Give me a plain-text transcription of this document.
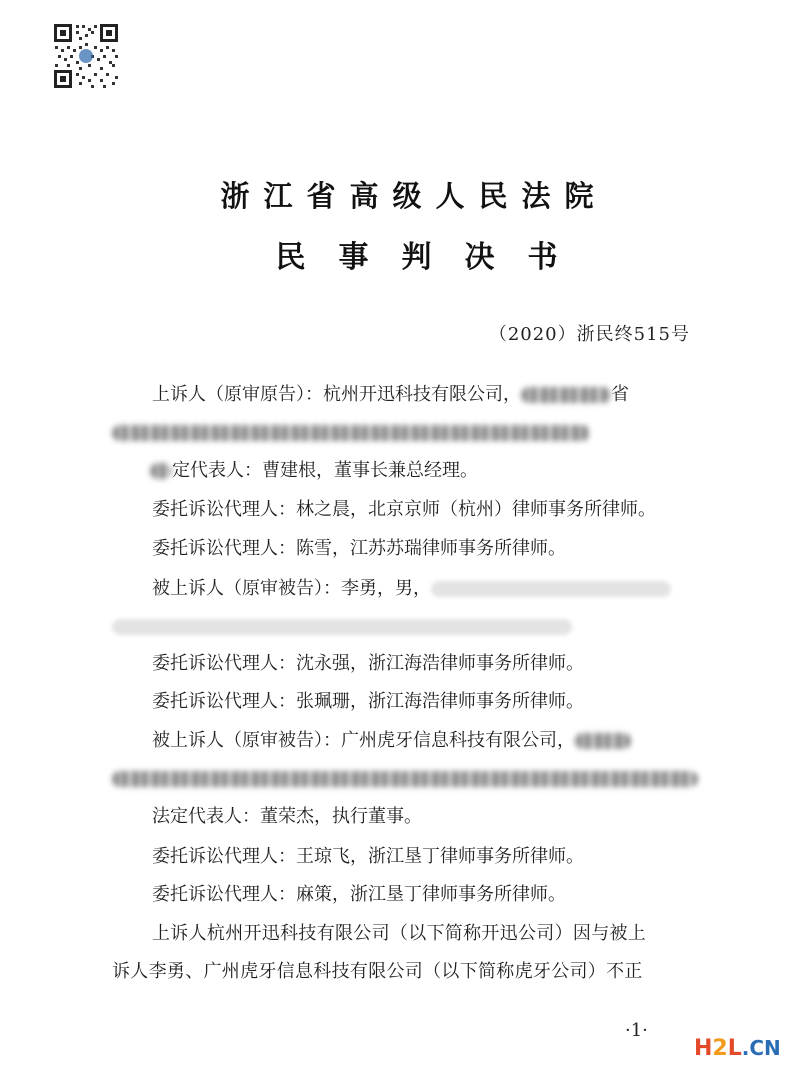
浙江省高级人民法院
民事判决书
（2020）浙民终515号
上诉人（原审原告）：杭州开迅科技有限公司，	省
定代表人：曹建根，董事长兼总经理。
委托诉讼代理人：林之晨，北京京师（杭州）律师事务所律师。
委托诉讼代理人：陈雪，江苏苏瑞律师事务所律师。
被上诉人（原审被告）：李勇，男，
委托诉讼代理人：沈永强，浙江海浩律师事务所律师。
委托诉讼代理人：张珮珊，浙江海浩律师事务所律师。
被上诉人（原审被告）：广州虎牙信息科技有限公司，
法定代表人：董荣杰，执行董事。
委托诉讼代理人：王琼飞，浙江垦丁律师事务所律师。
委托诉讼代理人：麻策，浙江垦丁律师事务所律师。
上诉人杭州开迅科技有限公司（以下简称开迅公司）因与被上
诉人李勇、广州虎牙信息科技有限公司（以下简称虎牙公司）不正
·1·
H2L.CN
